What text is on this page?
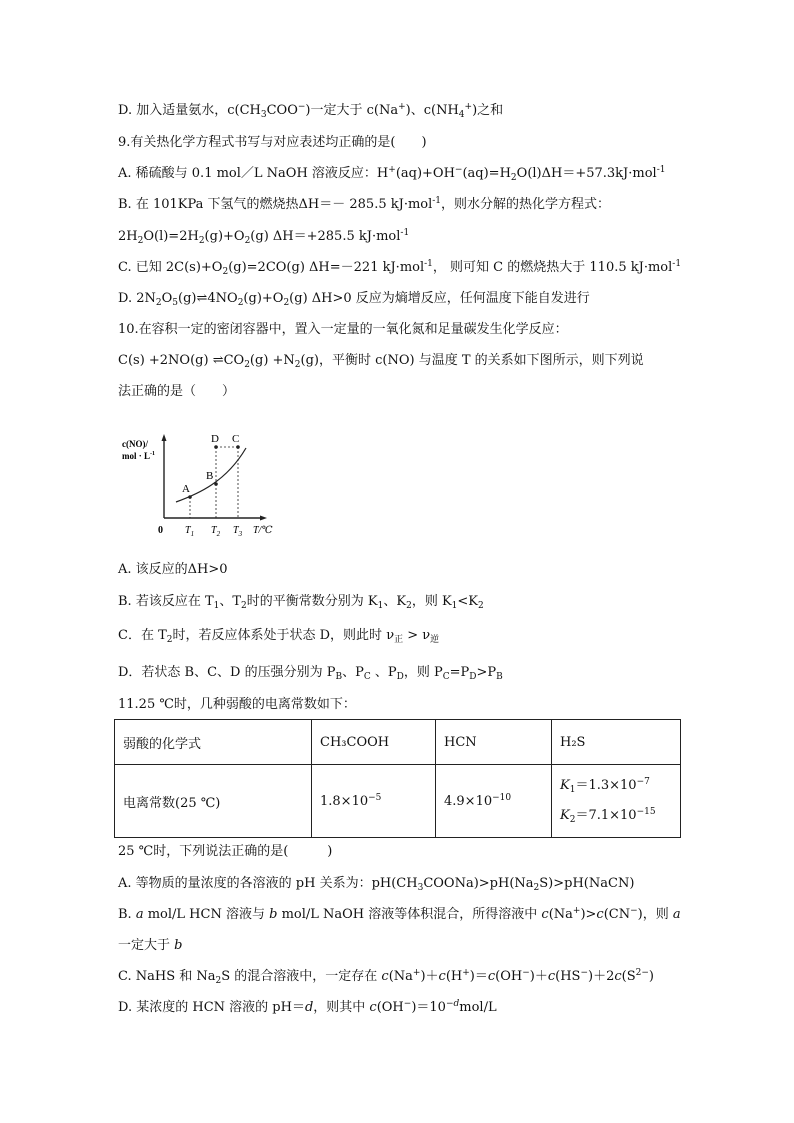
D. 加入适量氨水，$c(CH_3COO^-)$一定大于 c(Na+)、$c(NH_4^+)$之和
9.有关热化学方程式书写与对应表述均正确的是(　　)
A. 稀硫酸与 0.1 mol／L NaOH 溶液反应：$H^+(aq)+OH^-(aq)=H_2O(l)\Delta H=+57.3kJ\cdot mol^{-1}$
B. 在 101KPa 下氢气的燃烧热ΔH＝－ 285.5 kJ·mol$^{-1}$，则水分解的热化学方程式：
$2H_2O(l)=2H_2(g)+O_2(g)$ ΔH＝+285.5 kJ·mol$^{-1}$
C. 已知 $2C(s)+O_2(g)=2CO(g)$ ΔH=－221 kJ·mol$^{-1}$， 则可知 C 的燃烧热大于 110.5 kJ·mol$^{-1}$
D. $2N_2O_5(g)\rightleftharpoons 4NO_2(g)+O_2(g)$ ΔH>0 反应为熵增反应，任何温度下能自发进行
10.在容积一定的密闭容器中，置入一定量的一氧化氮和足量碳发生化学反应：
C(s) +2NO(g) $\rightleftharpoons CO_2(g) +N_2(g)$，平衡时 c(NO) 与温度 T 的关系如下图所示，则下列说
法正确的是（　　）
c(NO)/
mol · $L^{-1}$
A
B
D C
0 $T_1$ $T_2$ $T_3$ T/℃
A. 该反应的ΔH>0
B. 若该反应在 $T_1$、$T_2$时的平衡常数分别为 $K_1$、$K_2$，则 $K_1<K_2$
C．在 $T_2$时，若反应体系处于状态 D，则此时 $\nu_正 > \nu_逆$
D．若状态 B、C、D 的压强分别为 $P_B$、$P_C$ 、$P_D$，则 $P_C=P_D>P_B$
11.25 ℃时，几种弱酸的电离常数如下：
弱酸的化学式	CH₃COOH	HCN	H₂S
电离常数(25 ℃)	$1.8\times 10^{-5}$	$4.9\times 10^{-10}$	$K_1=1.3\times 10^{-7}$
$K_2=7.1\times 10^{-15}$
25 ℃时，下列说法正确的是(　　　)
A. 等物质的量浓度的各溶液的 pH 关系为：$pH(CH_3COONa)>pH(Na_2S)>pH(NaCN)$
B. a mol/L HCN 溶液与 b mol/L NaOH 溶液等体积混合，所得溶液中 c(Na+)>c(CN−)，则 a
一定大于 b
C. NaHS 和 $Na_2S$ 的混合溶液中，一定存在 $c(Na^+)+c(H^+)=c(OH^-)+c(HS^-)+2c(S^{2-})$
D. 某浓度的 HCN 溶液的 pH＝d，则其中 $c(OH^-)=10^{-d}mol/L$
